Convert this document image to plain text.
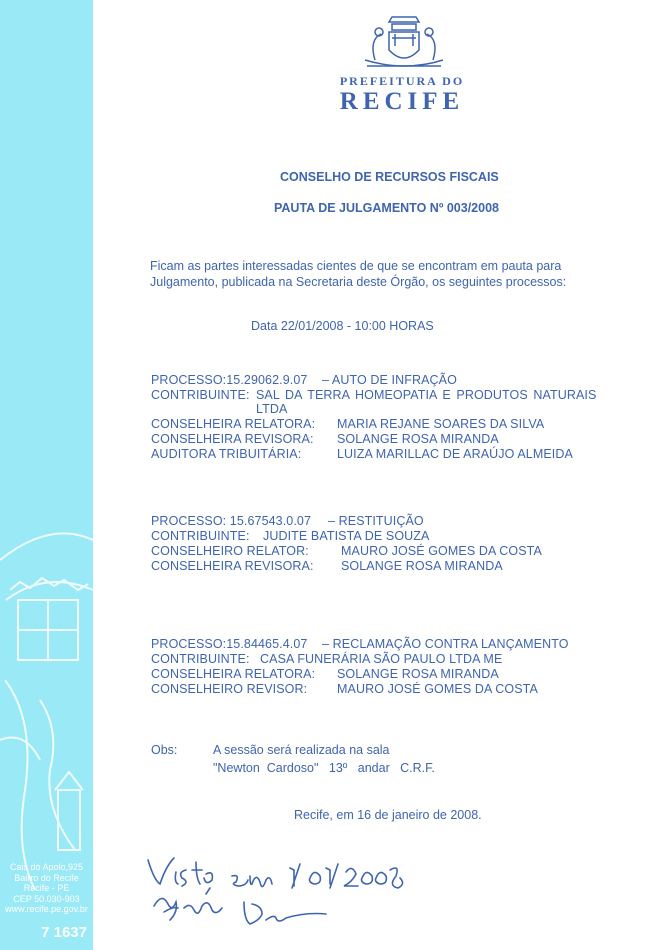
Cais do Apolo,925
Bairro do Recife
Recife - PE
CEP 50.030-903
www.recife.pe.gov.br
7 1637
PREFEITURA DO
RECIFE
CONSELHO DE RECURSOS FISCAIS
PAUTA DE JULGAMENTO Nº 003/2008
Ficam as partes interessadas cientes de que se encontram em pauta para
Julgamento, publicada na Secretaria deste Órgão, os seguintes processos:
Data 22/01/2008 - 10:00 HORAS
PROCESSO:15.29062.9.07 – AUTO DE INFRAÇÃO
CONTRIBUINTE: SAL DA TERRA HOMEOPATIA E PRODUTOS NATURAIS
LTDA
CONSELHEIRA RELATORA: MARIA REJANE SOARES DA SILVA
CONSELHEIRA REVISORA: SOLANGE ROSA MIRANDA
AUDITORA TRIBUITÁRIA:	LUIZA MARILLAC DE ARAÚJO ALMEIDA
PROCESSO: 15.67543.0.07 – RESTITUIÇÃO
CONTRIBUINTE: JUDITE BATISTA DE SOUZA
CONSELHEIRO RELATOR:	MAURO JOSÉ GOMES DA COSTA
CONSELHEIRA REVISORA: SOLANGE ROSA MIRANDA
PROCESSO:15.84465.4.07 – RECLAMAÇÃO CONTRA LANÇAMENTO
CONTRIBUINTE: CASA FUNERÁRIA SÃO PAULO LTDA ME
CONSELHEIRA RELATORA: SOLANGE ROSA MIRANDA
CONSELHEIRO REVISOR: MAURO JOSÉ GOMES DA COSTA
Obs:	A sessão será realizada na sala
"Newton  Cardoso"   13º   andar   C.R.F.
Recife, em 16 de janeiro de 2008.
